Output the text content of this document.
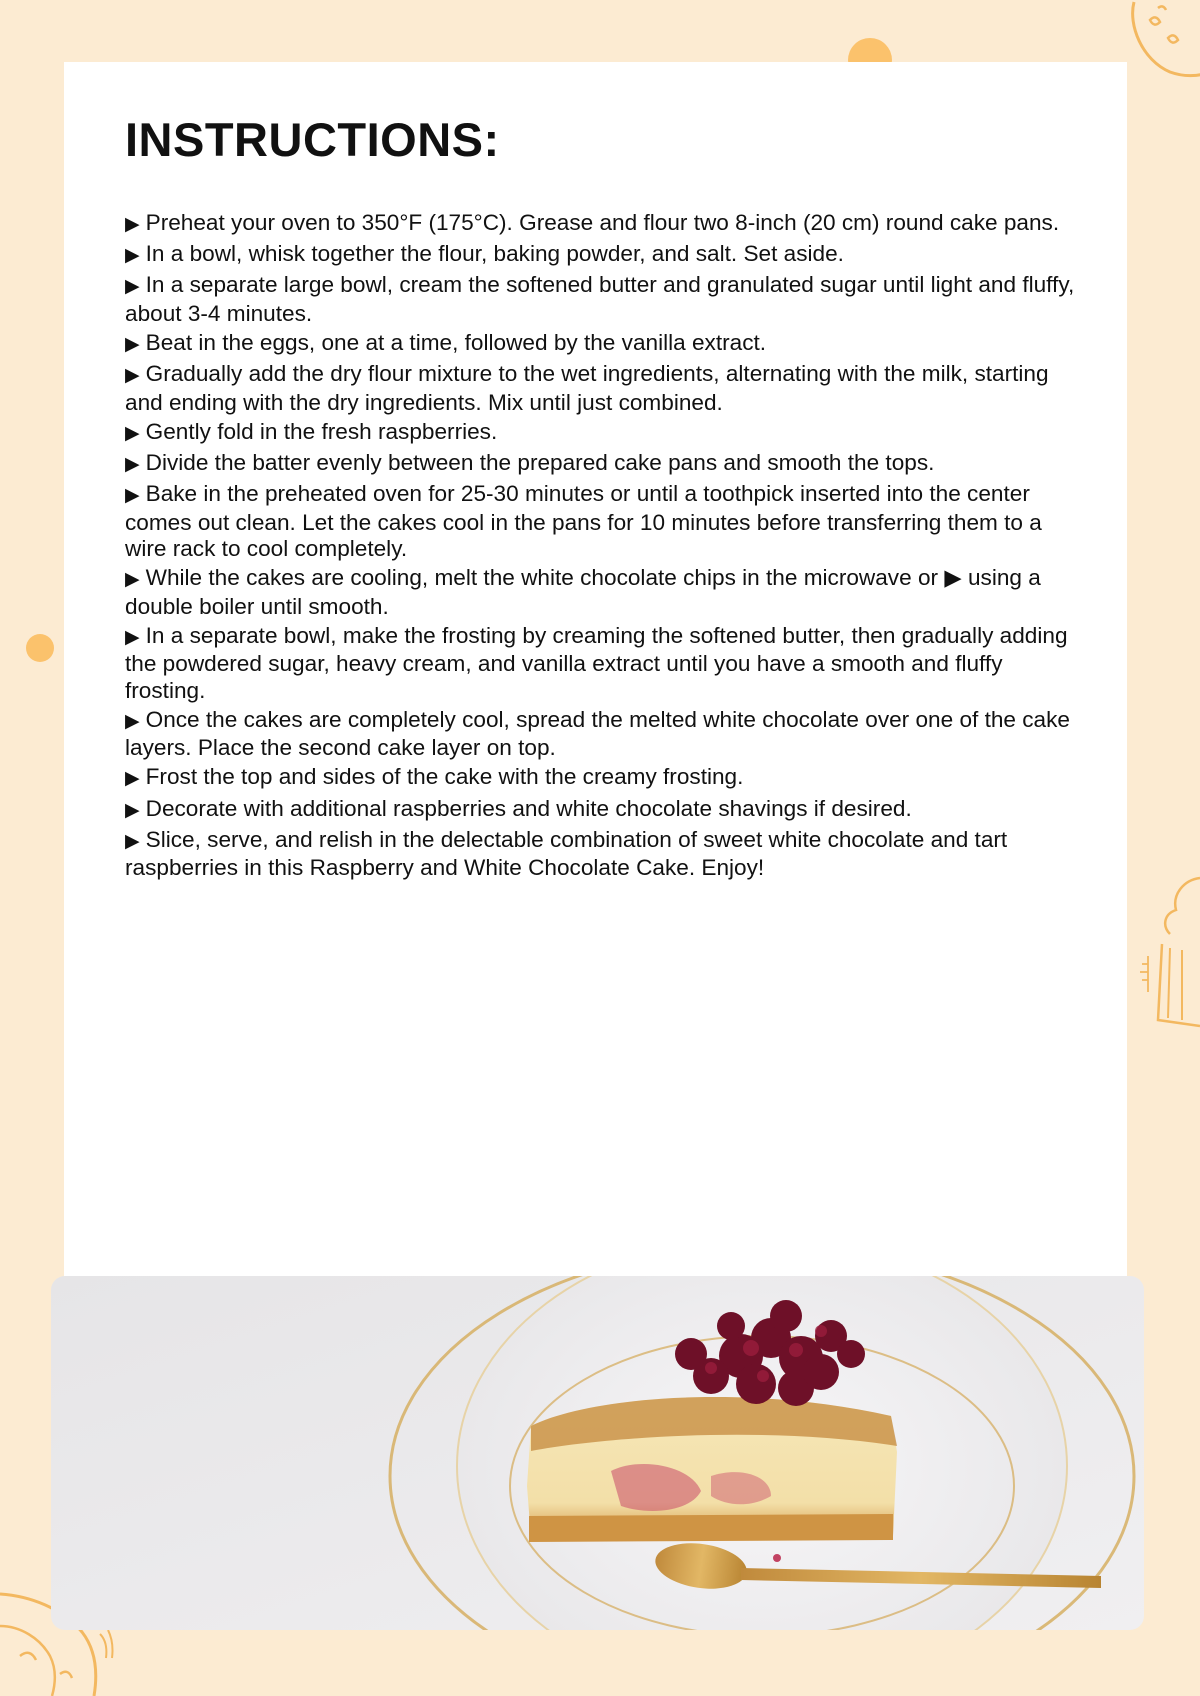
INSTRUCTIONS:
▶ Preheat your oven to 350°F (175°C). Grease and flour two 8-inch (20 cm) round cake pans.
▶ In a bowl, whisk together the flour, baking powder, and salt. Set aside.
▶ In a separate large bowl, cream the softened butter and granulated sugar until light and fluffy, about 3-4 minutes.
▶ Beat in the eggs, one at a time, followed by the vanilla extract.
▶ Gradually add the dry flour mixture to the wet ingredients, alternating with the milk, starting and ending with the dry ingredients. Mix until just combined.
▶ Gently fold in the fresh raspberries.
▶ Divide the batter evenly between the prepared cake pans and smooth the tops.
▶ Bake in the preheated oven for 25-30 minutes or until a toothpick inserted into the center comes out clean. Let the cakes cool in the pans for 10 minutes before transferring them to a wire rack to cool completely.
▶ While the cakes are cooling, melt the white chocolate chips in the microwave or ▶ using a double boiler until smooth.
▶ In a separate bowl, make the frosting by creaming the softened butter, then gradually adding the powdered sugar, heavy cream, and vanilla extract until you have a smooth and fluffy frosting.
▶ Once the cakes are completely cool, spread the melted white chocolate over one of the cake layers. Place the second cake layer on top.
▶ Frost the top and sides of the cake with the creamy frosting.
▶ Decorate with additional raspberries and white chocolate shavings if desired.
▶ Slice, serve, and relish in the delectable combination of sweet white chocolate and tart raspberries in this Raspberry and White Chocolate Cake. Enjoy!
